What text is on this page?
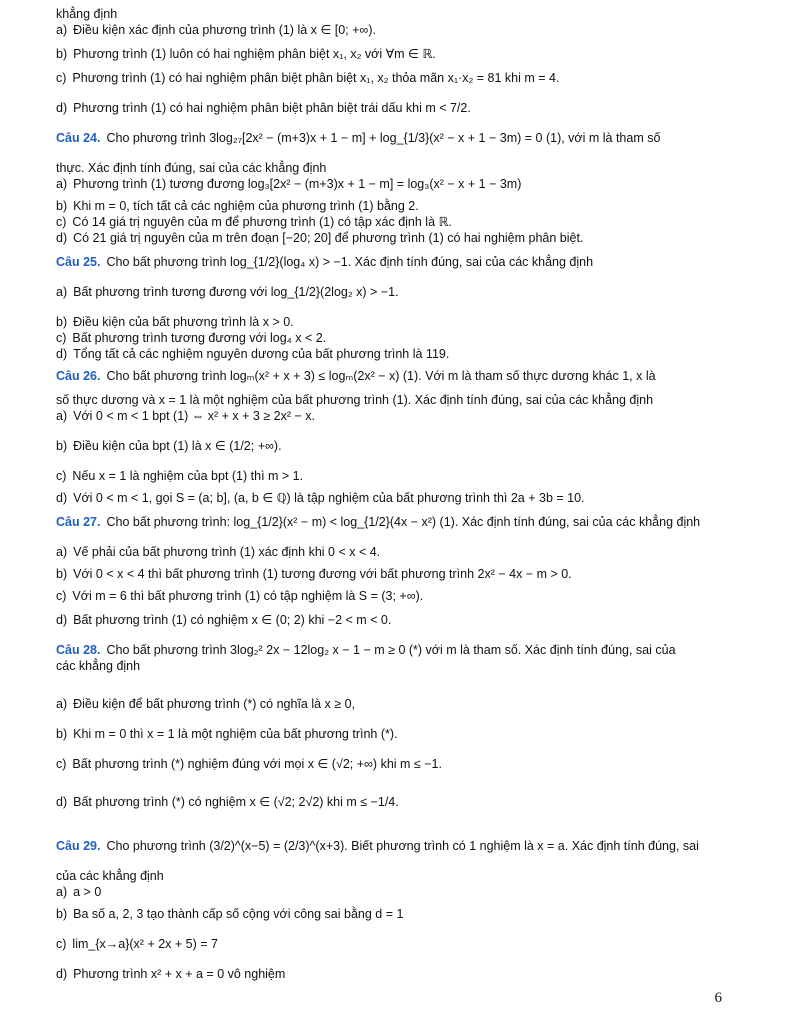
khẳng định
a) Điều kiện xác định của phương trình (1) là x ∈ [0; +∞).
b) Phương trình (1) luôn có hai nghiệm phân biệt x₁, x₂ với ∀m ∈ ℝ.
c) Phương trình (1) có hai nghiệm phân biệt phân biệt x₁, x₂ thỏa mãn x₁·x₂ = 81 khi m = 4.
d) Phương trình (1) có hai nghiệm phân biệt phân biệt trái dấu khi m < 7/2.
Câu 24. Cho phương trình 3log₂₇[2x² − (m+3)x + 1 − m] + log_{1/3}(x² − x + 1 − 3m) = 0 (1), với m là tham số
thực. Xác định tính đúng, sai của các khẳng định
a) Phương trình (1) tương đương log₃[2x² − (m+3)x + 1 − m] = log₃(x² − x + 1 − 3m)
b) Khi m = 0, tích tất cả các nghiệm của phương trình (1) bằng 2.
c) Có 14 giá trị nguyên của m để phương trình (1) có tập xác định là ℝ.
d) Có 21 giá trị nguyên của m trên đoạn [−20; 20] để phương trình (1) có hai nghiệm phân biệt.
Câu 25. Cho bất phương trình log_{1/2}(log₄ x) > −1. Xác định tính đúng, sai của các khẳng định
a) Bất phương trình tương đương với log_{1/2}(2log₂ x) > −1.
b) Điều kiện của bất phương trình là x > 0.
c) Bất phương trình tương đương với log₄ x < 2.
d) Tổng tất cả các nghiệm nguyên dương của bất phương trình là 119.
Câu 26. Cho bất phương trình logₘ(x² + x + 3) ≤ logₘ(2x² − x) (1). Với m là tham số thực dương khác 1, x là
số thực dương và x = 1 là một nghiệm của bất phương trình (1). Xác định tính đúng, sai của các khẳng định
a) Với 0 < m < 1 bpt (1) ⇔ x² + x + 3 ≥ 2x² − x.
b) Điều kiện của bpt (1) là x ∈ (1/2; +∞).
c) Nếu x = 1 là nghiệm của bpt (1) thì m > 1.
d) Với 0 < m < 1, gọi S = (a; b], (a, b ∈ ℚ) là tập nghiệm của bất phương trình thì 2a + 3b = 10.
Câu 27. Cho bất phương trình: log_{1/2}(x² − m) < log_{1/2}(4x − x²) (1). Xác định tính đúng, sai của các khẳng định
a) Vế phải của bất phương trình (1) xác định khi 0 < x < 4.
b) Với 0 < x < 4 thì bất phương trình (1) tương đương với bất phương trình 2x² − 4x − m > 0.
c) Với m = 6 thì bất phương trình (1) có tập nghiệm là S = (3; +∞).
d) Bất phương trình (1) có nghiệm x ∈ (0; 2) khi −2 < m < 0.
Câu 28. Cho bất phương trình 3log₂² 2x − 12log₂ x − 1 − m ≥ 0 (*) với m là tham số. Xác định tính đúng, sai của
các khẳng định
a) Điều kiện để bất phương trình (*) có nghĩa là x ≥ 0,
b) Khi m = 0 thì x = 1 là một nghiệm của bất phương trình (*).
c) Bất phương trình (*) nghiệm đúng với mọi x ∈ (√2; +∞) khi m ≤ −1.
d) Bất phương trình (*) có nghiệm x ∈ (√2; 2√2) khi m ≤ −1/4.
Câu 29. Cho phương trình (3/2)^(x−5) = (2/3)^(x+3). Biết phương trình có 1 nghiệm là x = a. Xác định tính đúng, sai
của các khẳng định
a) a > 0
b) Ba số a, 2, 3 tạo thành cấp số cộng với công sai bằng d = 1
c) lim_{x→a}(x² + 2x + 5) = 7
d) Phương trình x² + x + a = 0 vô nghiệm
6
